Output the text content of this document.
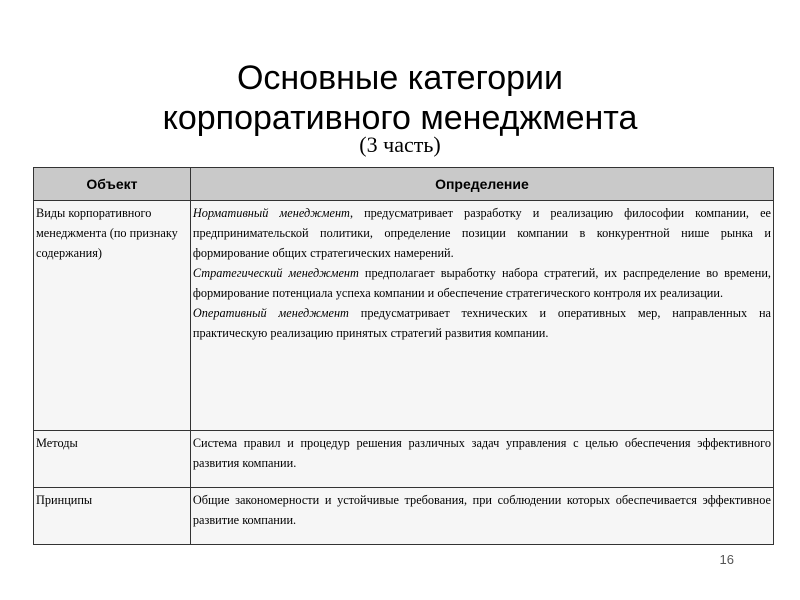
Основные категории
корпоративного менеджмента
(3 часть)
Объект	Определение
Виды корпоративного менеджмента (по признаку содержания)	Нормативный менеджмент, предусматривает разработку и реализацию философии компании, ее предпринимательской политики, определение позиции компании в конкурентной нише рынка и формирование общих стратегических намерений.
Стратегический менеджмент предполагает выработку набора стратегий, их распределение во времени, формирование потенциала успеха компании и обеспечение стратегического контроля их реализации.
Оперативный менеджмент предусматривает технических и оперативных мер, направленных на практическую реализацию принятых стратегий развития компании.

Методы	Система правил и процедур решения различных задач управления с целью обеспечения эффективного развития компании.

Принципы	Общие закономерности и устойчивые требования, при соблюдении которых обеспечивается эффективное развитие компании.
16
